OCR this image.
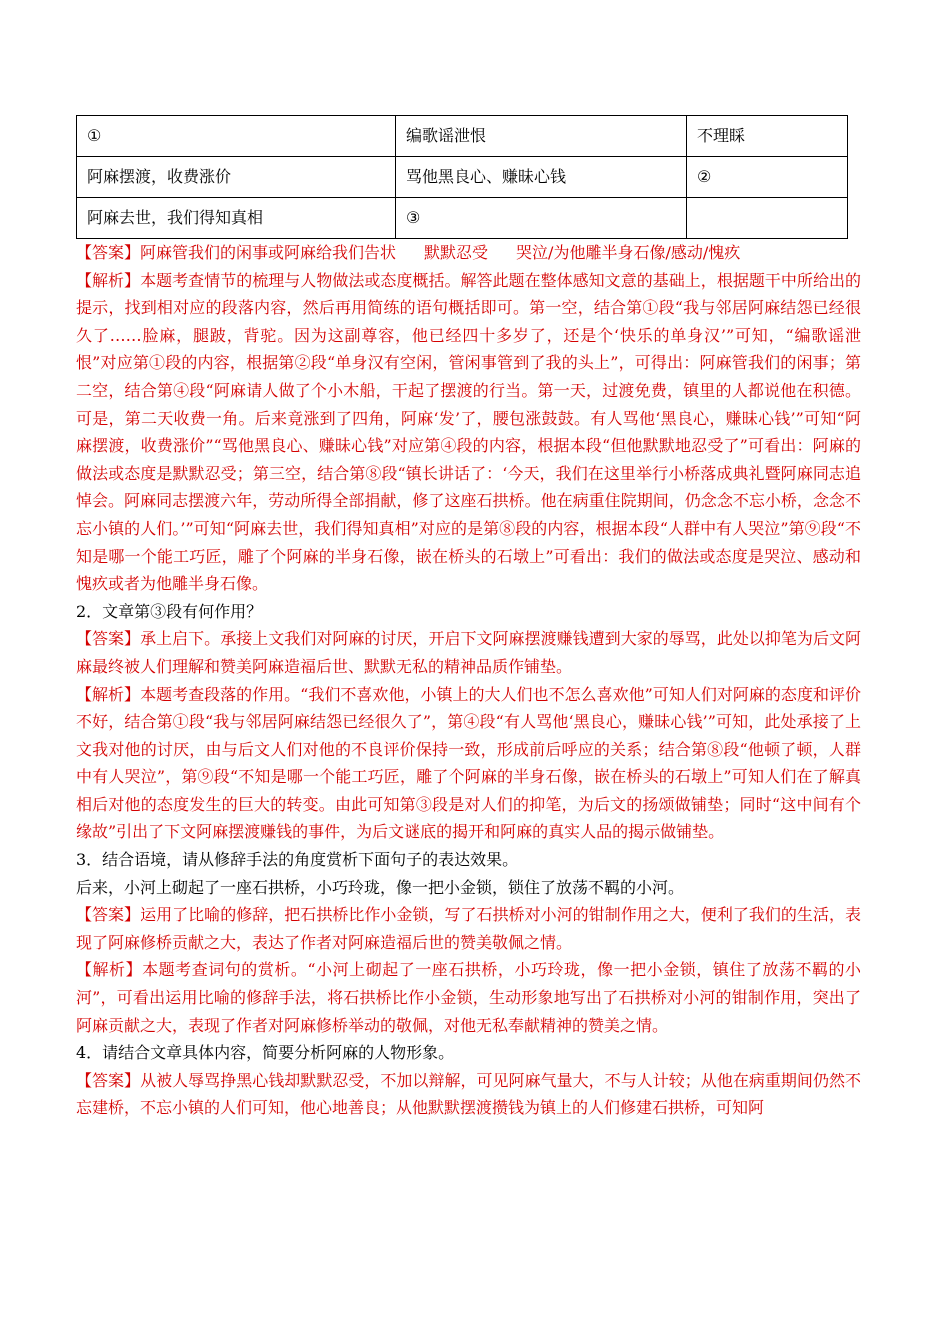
①	编歌谣泄恨	不理睬
阿麻摆渡，收费涨价	骂他黑良心、赚昧心钱	②
阿麻去世，我们得知真相	③	

【答案】阿麻管我们的闲事或阿麻给我们告状 默默忍受 哭泣/为他雕半身石像/感动/愧疚

【解析】本题考查情节的梳理与人物做法或态度概括。解答此题在整体感知文意的基础上，根据题干中所给出的提示，找到相对应的段落内容，然后再用简练的语句概括即可。第一空，结合第①段“我与邻居阿麻结怨已经很久了……脸麻，腿跛，背驼。因为这副尊容，他已经四十多岁了，还是个‘快乐的单身汉’”可知，“编歌谣泄恨”对应第①段的内容，根据第②段“单身汉有空闲，管闲事管到了我的头上”，可得出：阿麻管我们的闲事；第二空，结合第④段“阿麻请人做了个小木船，干起了摆渡的行当。第一天，过渡免费，镇里的人都说他在积德。可是，第二天收费一角。后来竟涨到了四角，阿麻‘发’了，腰包涨鼓鼓。有人骂他‘黑良心，赚昧心钱’”可知“阿麻摆渡，收费涨价”“骂他黑良心、赚昧心钱”对应第④段的内容，根据本段“但他默默地忍受了”可看出：阿麻的做法或态度是默默忍受；第三空，结合第⑧段“镇长讲话了：‘今天，我们在这里举行小桥落成典礼暨阿麻同志追悼会。阿麻同志摆渡六年，劳动所得全部捐献，修了这座石拱桥。他在病重住院期间，仍念念不忘小桥，念念不忘小镇的人们。’”可知“阿麻去世，我们得知真相”对应的是第⑧段的内容，根据本段“人群中有人哭泣”第⑨段“不知是哪一个能工巧匠，雕了个阿麻的半身石像，嵌在桥头的石墩上”可看出：我们的做法或态度是哭泣、感动和愧疚或者为他雕半身石像。

2．文章第③段有何作用？

【答案】承上启下。承接上文我们对阿麻的讨厌，开启下文阿麻摆渡赚钱遭到大家的辱骂，此处以抑笔为后文阿麻最终被人们理解和赞美阿麻造福后世、默默无私的精神品质作铺垫。

【解析】本题考查段落的作用。“我们不喜欢他，小镇上的大人们也不怎么喜欢他”可知人们对阿麻的态度和评价不好，结合第①段“我与邻居阿麻结怨已经很久了”，第④段“有人骂他‘黑良心，赚昧心钱’”可知，此处承接了上文我对他的讨厌，由与后文人们对他的不良评价保持一致，形成前后呼应的关系；结合第⑧段“他顿了顿，人群中有人哭泣”，第⑨段“不知是哪一个能工巧匠，雕了个阿麻的半身石像，嵌在桥头的石墩上”可知人们在了解真相后对他的态度发生的巨大的转变。由此可知第③段是对人们的抑笔，为后文的扬颂做铺垫；同时“这中间有个缘故”引出了下文阿麻摆渡赚钱的事件，为后文谜底的揭开和阿麻的真实人品的揭示做铺垫。

3．结合语境，请从修辞手法的角度赏析下面句子的表达效果。

后来，小河上砌起了一座石拱桥，小巧玲珑，像一把小金锁，锁住了放荡不羁的小河。

【答案】运用了比喻的修辞，把石拱桥比作小金锁，写了石拱桥对小河的钳制作用之大，便利了我们的生活，表现了阿麻修桥贡献之大，表达了作者对阿麻造福后世的赞美敬佩之情。

【解析】本题考查词句的赏析。“小河上砌起了一座石拱桥，小巧玲珑，像一把小金锁，镇住了放荡不羁的小河”，可看出运用比喻的修辞手法，将石拱桥比作小金锁，生动形象地写出了石拱桥对小河的钳制作用，突出了阿麻贡献之大，表现了作者对阿麻修桥举动的敬佩，对他无私奉献精神的赞美之情。

4．请结合文章具体内容，简要分析阿麻的人物形象。

【答案】从被人辱骂挣黑心钱却默默忍受，不加以辩解，可见阿麻气量大，不与人计较；从他在病重期间仍然不忘建桥，不忘小镇的人们可知，他心地善良；从他默默摆渡攒钱为镇上的人们修建石拱桥，可知阿
